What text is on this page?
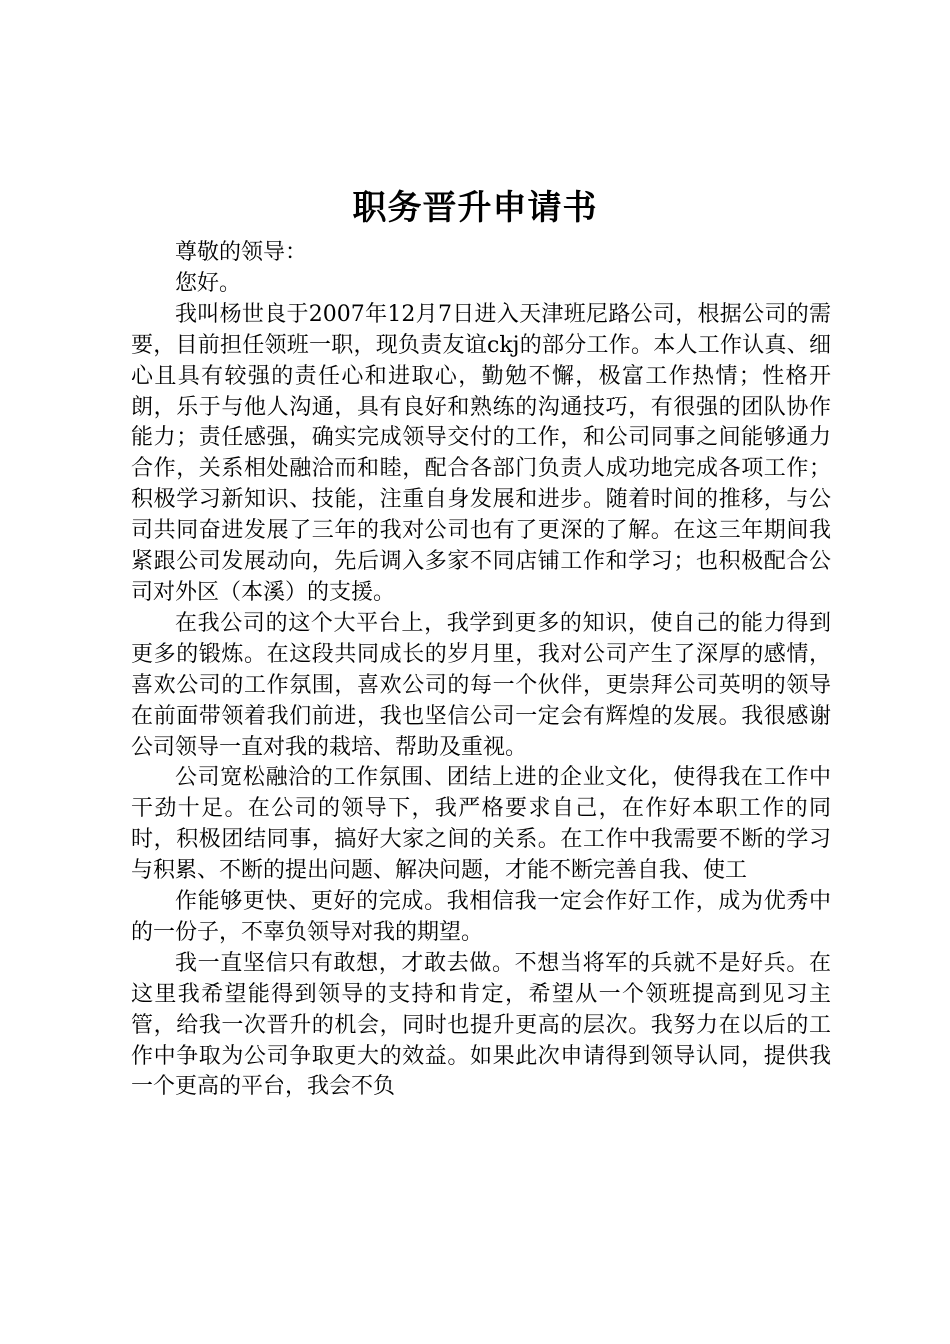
职务晋升申请书

尊敬的领导：

您好。

我叫杨世良于2007年12月7日进入天津班尼路公司，根据公司的需要，目前担任领班一职，现负责友谊ckj的部分工作。本人工作认真、细心且具有较强的责任心和进取心，勤勉不懈，极富工作热情；性格开朗，乐于与他人沟通，具有良好和熟练的沟通技巧，有很强的团队协作能力；责任感强，确实完成领导交付的工作，和公司同事之间能够通力合作，关系相处融洽而和睦，配合各部门负责人成功地完成各项工作；积极学习新知识、技能，注重自身发展和进步。随着时间的推移，与公司共同奋进发展了三年的我对公司也有了更深的了解。在这三年期间我紧跟公司发展动向，先后调入多家不同店铺工作和学习；也积极配合公司对外区（本溪）的支援。

在我公司的这个大平台上，我学到更多的知识，使自己的能力得到更多的锻炼。在这段共同成长的岁月里，我对公司产生了深厚的感情，喜欢公司的工作氛围，喜欢公司的每一个伙伴，更崇拜公司英明的领导在前面带领着我们前进，我也坚信公司一定会有辉煌的发展。我很感谢公司领导一直对我的栽培、帮助及重视。

公司宽松融洽的工作氛围、团结上进的企业文化，使得我在工作中干劲十足。在公司的领导下，我严格要求自己，在作好本职工作的同时，积极团结同事，搞好大家之间的关系。在工作中我需要不断的学习与积累、不断的提出问题、解决问题，才能不断完善自我、使工

作能够更快、更好的完成。我相信我一定会作好工作，成为优秀中的一份子，不辜负领导对我的期望。

我一直坚信只有敢想，才敢去做。不想当将军的兵就不是好兵。在这里我希望能得到领导的支持和肯定，希望从一个领班提高到见习主管，给我一次晋升的机会，同时也提升更高的层次。我努力在以后的工作中争取为公司争取更大的效益。如果此次申请得到领导认同，提供我一个更高的平台，我会不负
